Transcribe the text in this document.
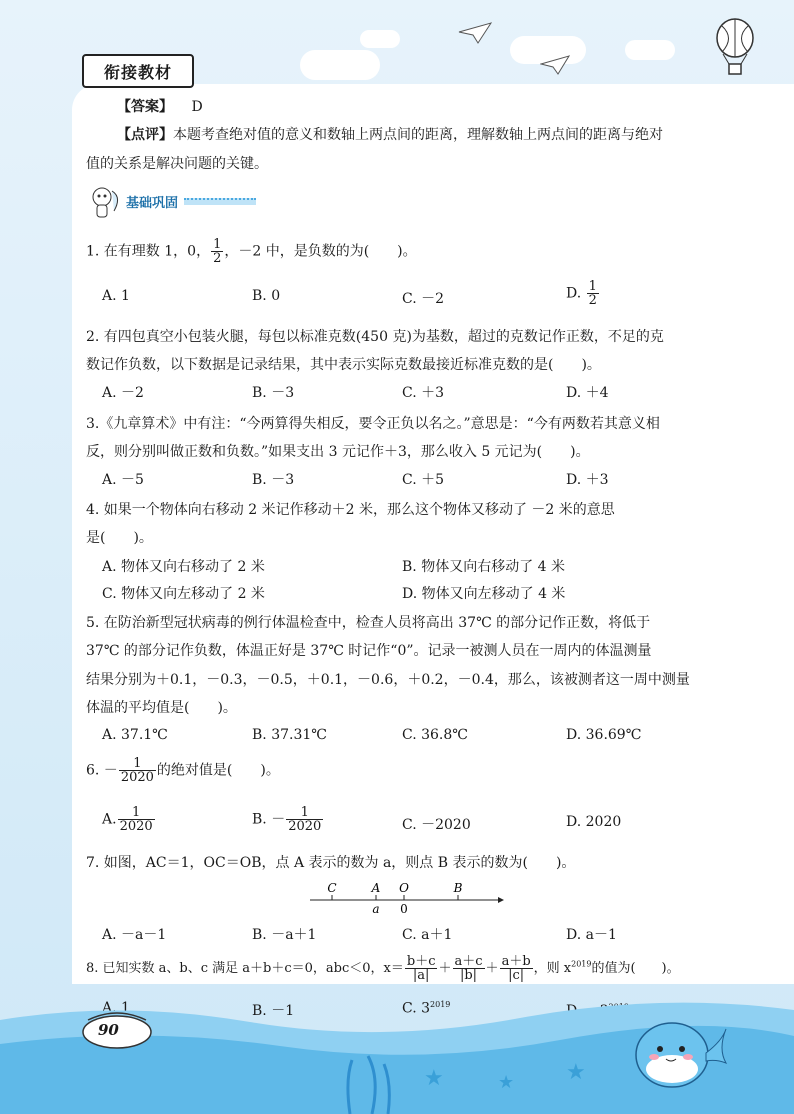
衔接教材
【答案】 D
【点评】本题考查绝对值的意义和数轴上两点间的距离，理解数轴上两点间的距离与绝对
值的关系是解决问题的关键。
基础巩固
1. 在有理数 1，0， $\frac{1}{2}$ ，－2 中，是负数的为(　　)。
A. 1	B. 0	C. －2	D. $\frac{1}{2}$
2. 有四包真空小包装火腿，每包以标准克数(450 克)为基数，超过的克数记作正数，不足的克
数记作负数，以下数据是记录结果，其中表示实际克数最接近标准克数的是(　　)。
A. －2	B. －3	C. ＋3	D. ＋4
3.《九章算术》中有注：“今两算得失相反，要令正负以名之。”意思是：“今有两数若其意义相
反，则分别叫做正数和负数。”如果支出 3 元记作＋3，那么收入 5 元记为(　　)。
A. －5	B. －3	C. ＋5	D. ＋3
4. 如果一个物体向右移动 2 米记作移动＋2 米，那么这个物体又移动了 －2 米的意思
是(　　)。
A. 物体又向右移动了 2 米	B. 物体又向右移动了 4 米
C. 物体又向左移动了 2 米	D. 物体又向左移动了 4 米
5. 在防治新型冠状病毒的例行体温检查中，检查人员将高出 37℃ 的部分记作正数，将低于
37℃ 的部分记作负数，体温正好是 37℃ 时记作“0”。记录一被测人员在一周内的体温测量
结果分别为＋0.1，－0.3，－0.5，＋0.1，－0.6，＋0.2，－0.4，那么，该被测者这一周中测量
体温的平均值是(　　)。
A. 37.1℃	B. 37.31℃	C. 36.8℃	D. 36.69℃
6. － $\frac{1}{2020}$ 的绝对值是(　　)。
A. $\frac{1}{2020}$	B. － $\frac{1}{2020}$	C. －2020	D. 2020
7. 如图，AC＝1，OC＝OB，点 A 表示的数为 a，则点 B 表示的数为(　　)。
C	A O	B
a 0
A. －a－1	B. －a＋1	C. a＋1	D. a－1
8. 已知实数 a、b、c 满足 a＋b＋c＝0，abc＜0，$x= \frac{b+c}{|a|} + \frac{a+c}{|b|} + \frac{a+b}{|c|}$ ，则 $x^{2019}$的值为(　　)。
A. 1	B. －1	C. $3^{2019}$
★	★ ★
90
